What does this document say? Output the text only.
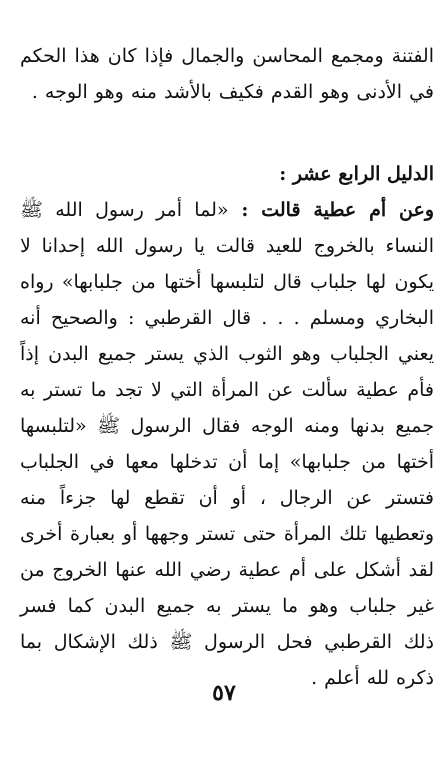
الفتنة ومجمع المحاسن والجمال فإذا كان هذا الحكم في الأدنى وهو القدم فكيف بالأشد منه وهو الوجه .

الدليل الرابع عشر :

وعن أم عطية قالت : «لما أمر رسول الله ﷺ النساء بالخروج للعيد قالت يا رسول الله إحدانا لا يكون لها جلباب قال لتلبسها أختها من جلبابها» رواه البخاري ومسلم . . . قال القرطبي : والصحيح أنه يعني الجلباب وهو الثوب الذي يستر جميع البدن إذاً فأم عطية سألت عن المرأة التي لا تجد ما تستر به جميع بدنها ومنه الوجه فقال الرسول ﷺ «لتلبسها أختها من جلبابها» إما أن تدخلها معها في الجلباب فتستر عن الرجال ، أو أن تقطع لها جزءاً منه وتعطيها تلك المرأة حتى تستر وجهها أو بعبارة أخرى لقد أشكل على أم عطية رضي الله عنها الخروج من غير جلباب وهو ما يستر به جميع البدن كما فسر ذلك القرطبي فحل الرسول ﷺ ذلك الإشكال بما ذكره لله أعلم .

٥٧
